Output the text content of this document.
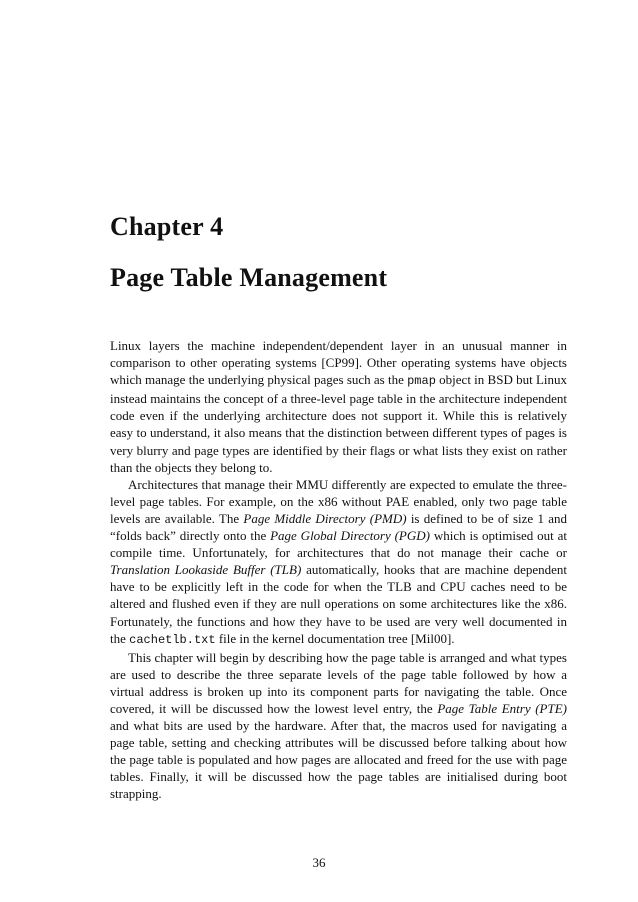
Chapter 4
Page Table Management

Linux layers the machine independent/dependent layer in an unusual manner in comparison to other operating systems [CP99]. Other operating systems have objects which manage the underlying physical pages such as the pmap object in BSD but Linux instead maintains the concept of a three-level page table in the architecture independent code even if the underlying architecture does not support it. While this is relatively easy to understand, it also means that the distinction between different types of pages is very blurry and page types are identified by their flags or what lists they exist on rather than the objects they belong to.

Architectures that manage their MMU differently are expected to emulate the three-level page tables. For example, on the x86 without PAE enabled, only two page table levels are available. The Page Middle Directory (PMD) is defined to be of size 1 and “folds back” directly onto the Page Global Directory (PGD) which is optimised out at compile time. Unfortunately, for architectures that do not manage their cache or Translation Lookaside Buffer (TLB) automatically, hooks that are machine dependent have to be explicitly left in the code for when the TLB and CPU caches need to be altered and flushed even if they are null operations on some architectures like the x86. Fortunately, the functions and how they have to be used are very well documented in the cachetlb.txt file in the kernel documentation tree [Mil00].

This chapter will begin by describing how the page table is arranged and what types are used to describe the three separate levels of the page table followed by how a virtual address is broken up into its component parts for navigating the table. Once covered, it will be discussed how the lowest level entry, the Page Table Entry (PTE) and what bits are used by the hardware. After that, the macros used for navigating a page table, setting and checking attributes will be discussed before talking about how the page table is populated and how pages are allocated and freed for the use with page tables. Finally, it will be discussed how the page tables are initialised during boot strapping.

36
